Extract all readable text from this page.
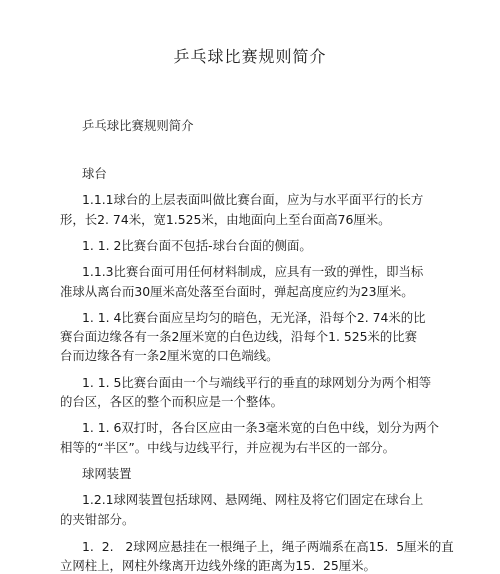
乒乓球比赛规则简介
乒乓球比赛规则简介
球台
1.1.1球台的上层表面叫做比赛台面，应为与水平面平行的长方
形，长2. 74米，宽1.525米，由地面向上至台面高76厘米。
1. 1. 2比赛台面不包括-球台台面的侧面。
1.1.3比赛台面可用任何材料制成，应具有一致的弹性，即当标
准球从离台而30厘米高处落至台面时，弹起高度应约为23厘米。
1. 1. 4比赛台面应呈均匀的暗色，无光泽，沿每个2. 74米的比
赛台面边缘各有一条2厘米宽的白色边线，沿每个1. 525米的比赛
台而边缘各有一条2厘米宽的口色端线。
1. 1. 5比赛台面由一个与端线平行的垂直的球网划分为两个相等
的台区，各区的整个而积应是一个整体。
1. 1. 6双打时，各台区应由一条3毫米宽的白色中线，划分为两个
相等的“半区”。中线与边线平行，并应视为右半区的一部分。
球网装置
1.2.1球网装置包括球网、悬网绳、网柱及将它们固定在球台上
的夹钳部分。
1.  2.   2球网应悬挂在一根绳子上，绳子两端系在高15.  5厘米的直
立网柱上，网柱外缘离开边线外缘的距离为15.  25厘米。
